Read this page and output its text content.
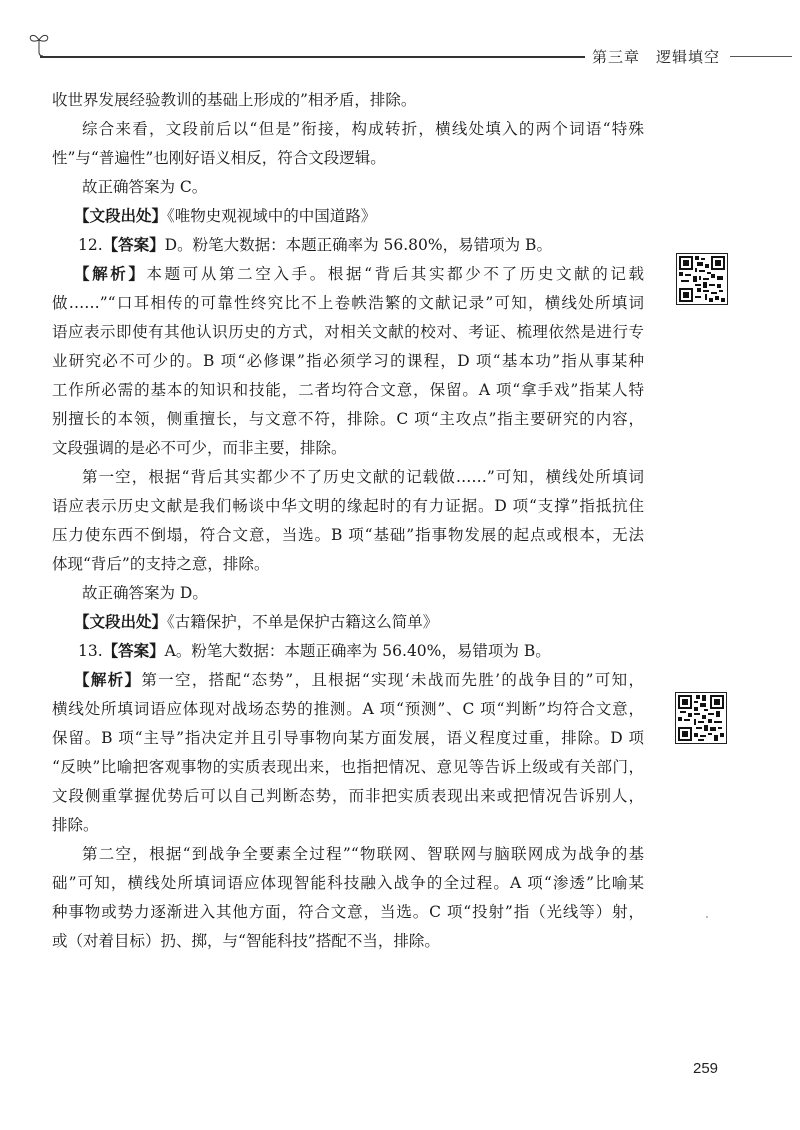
第三章 逻辑填空
收世界发展经验教训的基础上形成的”相矛盾，排除。
综合来看，文段前后以“但是”衔接，构成转折，横线处填入的两个词语“特殊
性”与“普遍性”也刚好语义相反，符合文段逻辑。
故正确答案为 C。
【文段出处】《唯物史观视域中的中国道路》
12.【答案】D。粉笔大数据：本题正确率为 56.80%，易错项为 B。
【解析】本题可从第二空入手。根据“背后其实都少不了历史文献的记载
做……”“口耳相传的可靠性终究比不上卷帙浩繁的文献记录”可知，横线处所填词
语应表示即使有其他认识历史的方式，对相关文献的校对、考证、梳理依然是进行专
业研究必不可少的。B 项“必修课”指必须学习的课程，D 项“基本功”指从事某种
工作所必需的基本的知识和技能，二者均符合文意，保留。A 项“拿手戏”指某人特
别擅长的本领，侧重擅长，与文意不符，排除。C 项“主攻点”指主要研究的内容，
文段强调的是必不可少，而非主要，排除。
第一空，根据“背后其实都少不了历史文献的记载做……”可知，横线处所填词
语应表示历史文献是我们畅谈中华文明的缘起时的有力证据。D 项“支撑”指抵抗住
压力使东西不倒塌，符合文意，当选。B 项“基础”指事物发展的起点或根本，无法
体现“背后”的支持之意，排除。
故正确答案为 D。
【文段出处】《古籍保护，不单是保护古籍这么简单》
13.【答案】A。粉笔大数据：本题正确率为 56.40%，易错项为 B。
【解析】第一空，搭配“态势”，且根据“实现‘未战而先胜’的战争目的”可知，
横线处所填词语应体现对战场态势的推测。A 项“预测”、C 项“判断”均符合文意，
保留。B 项“主导”指决定并且引导事物向某方面发展，语义程度过重，排除。D 项
“反映”比喻把客观事物的实质表现出来，也指把情况、意见等告诉上级或有关部门，
文段侧重掌握优势后可以自己判断态势，而非把实质表现出来或把情况告诉别人，
排除。
第二空，根据“到战争全要素全过程”“物联网、智联网与脑联网成为战争的基
础”可知，横线处所填词语应体现智能科技融入战争的全过程。A 项“渗透”比喻某
种事物或势力逐渐进入其他方面，符合文意，当选。C 项“投射”指（光线等）射，
或（对着目标）扔、掷，与“智能科技”搭配不当，排除。
259
